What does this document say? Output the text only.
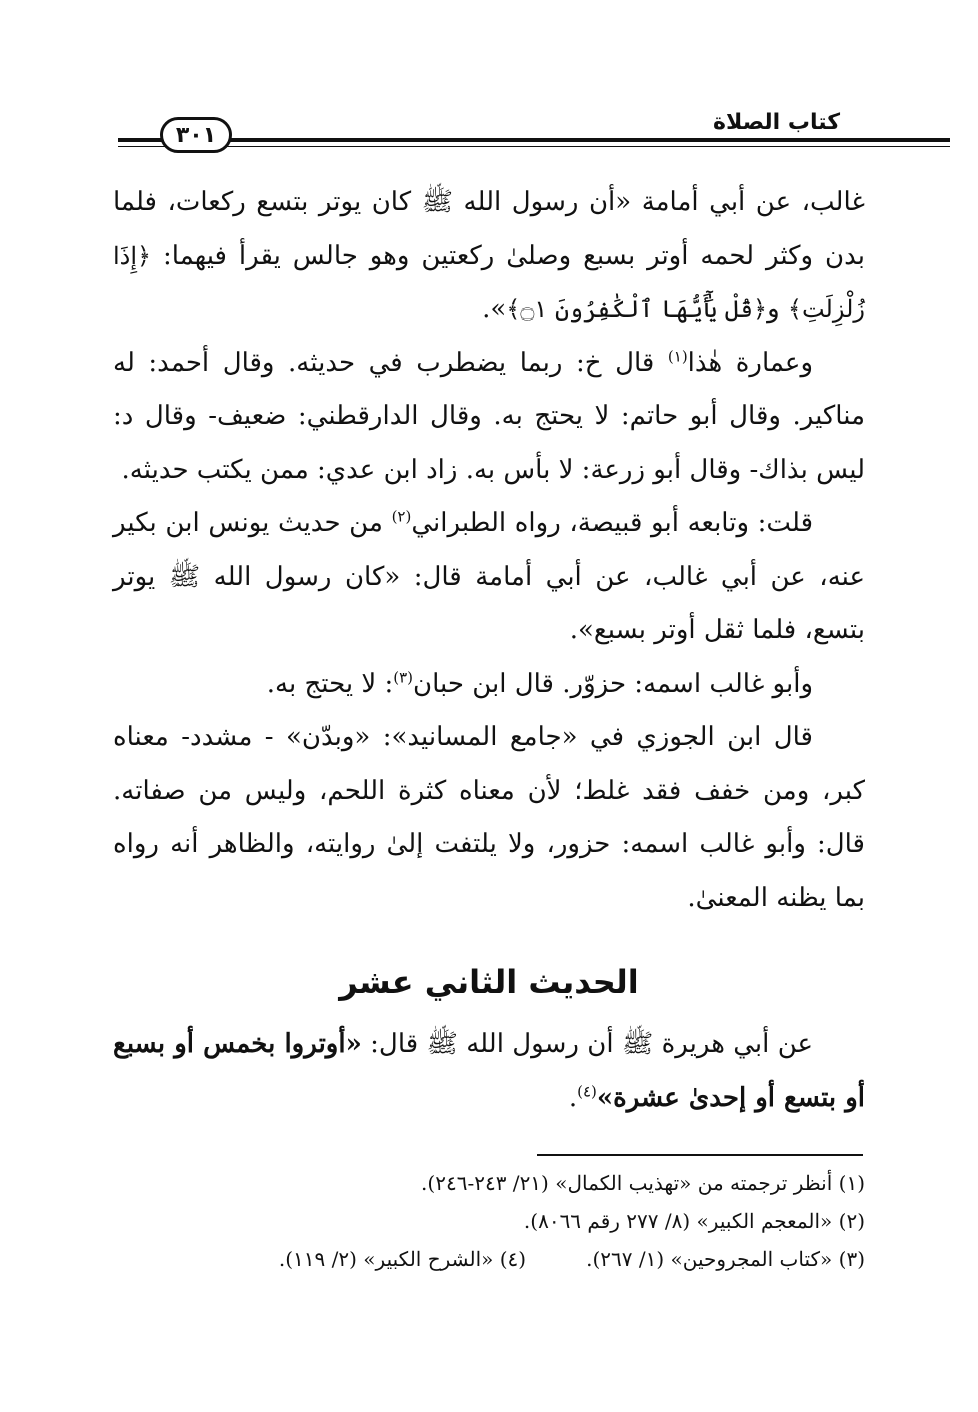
٣٠١	كتاب الصلاة

غالب، عن أبي أمامة «أن رسول الله ﷺ كان يوتر بتسع ركعات، فلما بدن وكثر لحمه أوتر بسبع وصلىٰ ركعتين وهو جالس يقرأ فيهما: ﴿إِذَا زُلْزِلَتِ﴾ و﴿قُلْ يَٰٓأَيُّهَا ٱلْكَٰفِرُونَ ۝١﴾».

وعمارة هٰذا$^{(١)}$ قال خ: ربما يضطرب في حديثه. وقال أحمد: له مناكير. وقال أبو حاتم: لا يحتج به. وقال الدارقطني: ضعيف- وقال د: ليس بذاك- وقال أبو زرعة: لا بأس به. زاد ابن عدي: ممن يكتب حديثه.

قلت: وتابعه أبو قبيصة، رواه الطبراني$^{(٢)}$ من حديث يونس ابن بكير عنه، عن أبي غالب، عن أبي أمامة قال: «كان رسول الله ﷺ يوتر بتسع، فلما ثقل أوتر بسبع».

وأبو غالب اسمه: حزوّر. قال ابن حبان$^{(٣)}$: لا يحتج به.

قال ابن الجوزي في «جامع المسانيد»: «وبدّن» - مشدد- معناه كبر، ومن خفف فقد غلط؛ لأن معناه كثرة اللحم، وليس من صفاته. قال: وأبو غالب اسمه: حزور، ولا يلتفت إلىٰ روايته، والظاهر أنه رواه بما يظنه المعنىٰ.

الحديث الثاني عشر

عن أبي هريرة ﷺ أن رسول الله ﷺ قال: «أوتروا بخمس أو بسبع أو بتسع أو إحدىٰ عشرة»$^{(٤)}$.

(١) أنظر ترجمته من «تهذيب الكمال» (٢١/ ٢٤٣-٢٤٦).
(٢) «المعجم الكبير» (٨/ ٢٧٧ رقم ٨٠٦٦).
(٣) «كتاب المجروحين» (١/ ٢٦٧).
(٤) «الشرح الكبير» (٢/ ١١٩).
